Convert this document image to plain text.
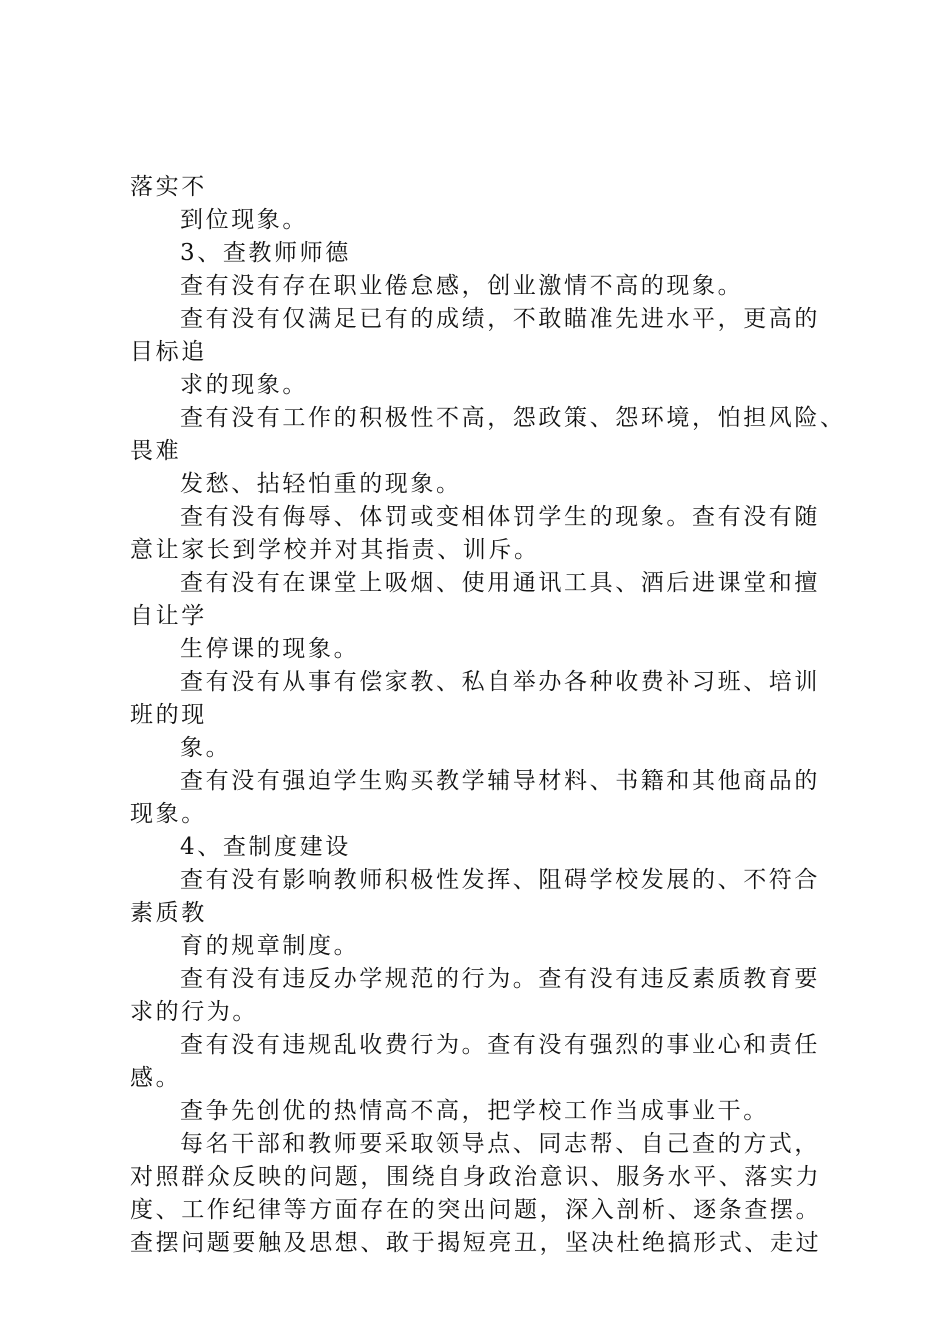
落实不
到位现象。
3、查教师师德
查有没有存在职业倦怠感，创业激情不高的现象。
查有没有仅满足已有的成绩，不敢瞄准先进水平，更高的
目标追
求的现象。
查有没有工作的积极性不高，怨政策、怨环境，怕担风险、
畏难
发愁、拈轻怕重的现象。
查有没有侮辱、体罚或变相体罚学生的现象。查有没有随
意让家长到学校并对其指责、训斥。
查有没有在课堂上吸烟、使用通讯工具、酒后进课堂和擅
自让学
生停课的现象。
查有没有从事有偿家教、私自举办各种收费补习班、培训
班的现
象。
查有没有强迫学生购买教学辅导材料、书籍和其他商品的
现象。
4、查制度建设
查有没有影响教师积极性发挥、阻碍学校发展的、不符合
素质教
育的规章制度。
查有没有违反办学规范的行为。查有没有违反素质教育要
求的行为。
查有没有违规乱收费行为。查有没有强烈的事业心和责任
感。
查争先创优的热情高不高，把学校工作当成事业干。
每名干部和教师要采取领导点、同志帮、自己查的方式，
对照群众反映的问题，围绕自身政治意识、服务水平、落实力
度、工作纪律等方面存在的突出问题，深入剖析、逐条查摆。
查摆问题要触及思想、敢于揭短亮丑，坚决杜绝搞形式、走过
